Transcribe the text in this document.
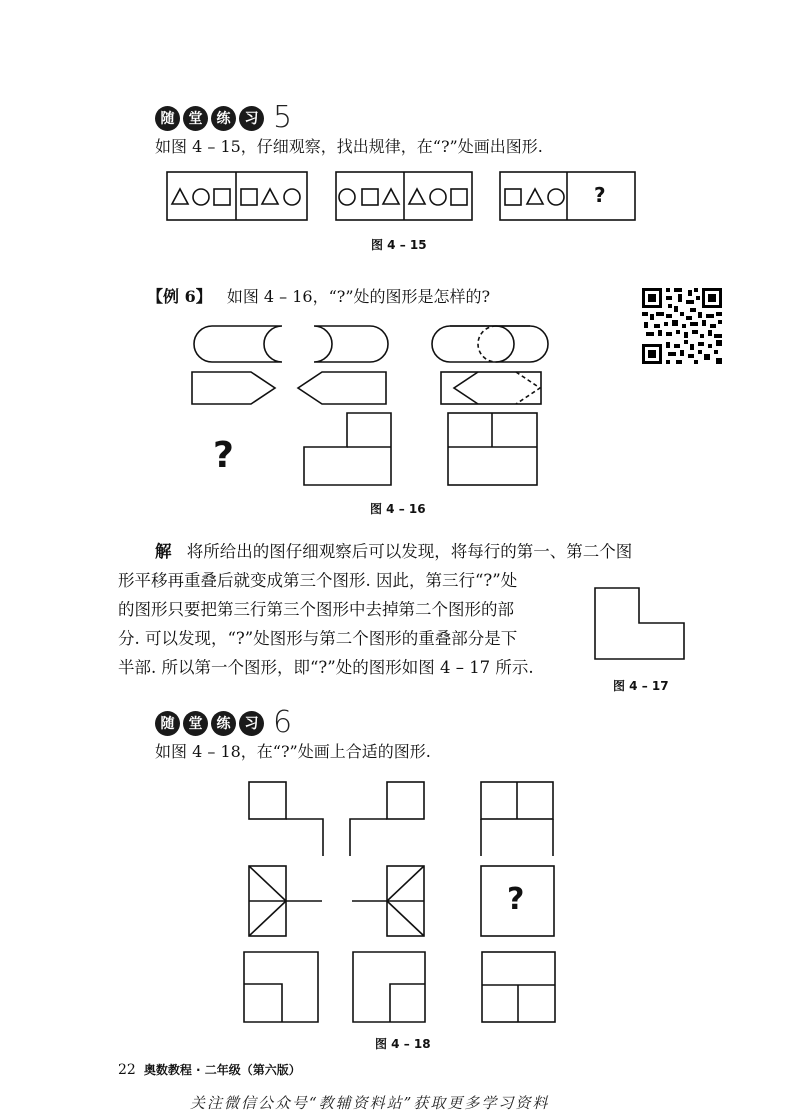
随	堂	练	习 5
如图 4 – 15，仔细观察，找出规律，在“?”处画出图形.
?
图 4 – 15
【例 6】 如图 4 – 16，“?”处的图形是怎样的?
?
图 4 – 16
解 将所给出的图仔细观察后可以发现，将每行的第一、第二个图
形平移再重叠后就变成第三个图形. 因此，第三行“?”处
的图形只要把第三行第三个图形中去掉第二个图形的部
分. 可以发现，“?”处图形与第二个图形的重叠部分是下
半部. 所以第一个图形，即“?”处的图形如图 4 – 17 所示.
图 4 – 17
随	堂	练	习 6
如图 4 – 18，在“?”处画上合适的图形.
?
图 4 – 18
22 奥数教程 · 二年级（第六版）
关注微信公众号“教辅资料站”获取更多学习资料
